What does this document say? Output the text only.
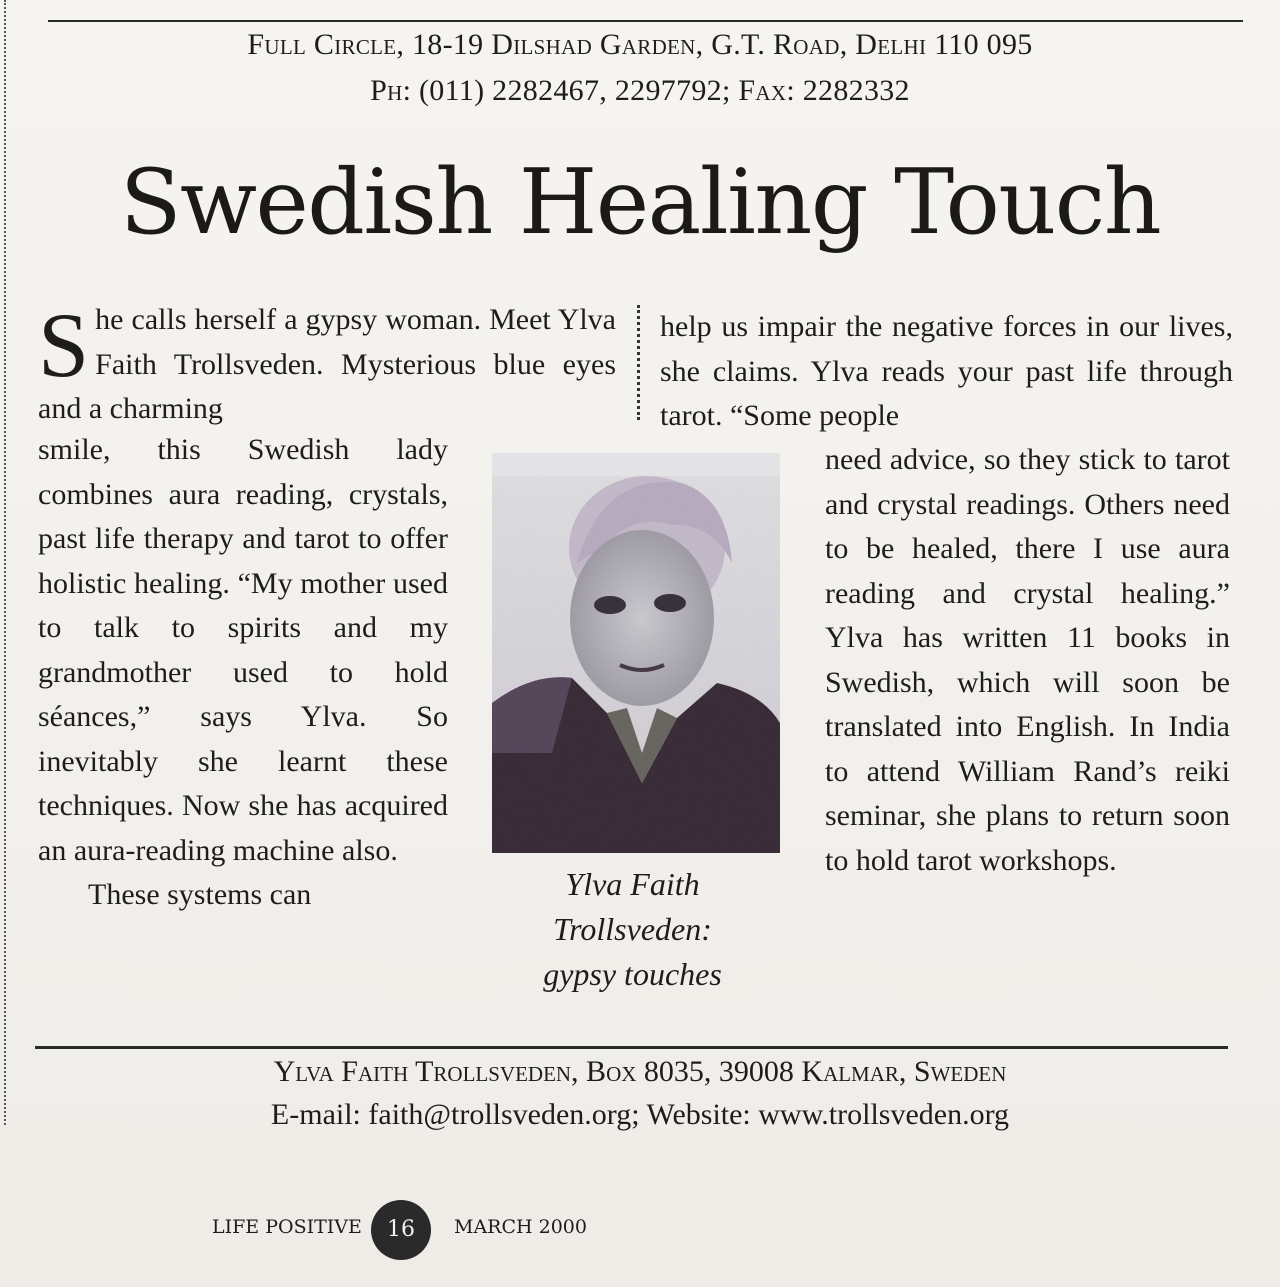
Full Circle, 18-19 Dilshad Garden, G.T. Road, Delhi 110 095
Ph: (011) 2282467, 2297792; Fax: 2282332
Swedish Healing Touch

She calls herself a gypsy woman. Meet Ylva Faith Trollsveden. Mysterious blue eyes and a charming

help us impair the negative forces in our lives, she claims. Ylva reads your past life through tarot. “Some people

smile, this Swedish lady combines aura reading, crystals, past life therapy and tarot to offer holistic healing. “My mother used to talk to spirits and my grandmother used to hold séances,” says Ylva. So inevitably she learnt these techniques. Now she has acquired an aura-reading machine also.

These systems can	Ylva Faith
Trollsveden:
gypsy touches

need advice, so they stick to tarot and crystal readings. Others need to be healed, there I use aura reading and crystal healing.” Ylva has written 11 books in Swedish, which will soon be translated into English. In India to attend William Rand’s reiki seminar, she plans to return soon to hold tarot workshops.

Ylva Faith Trollsveden, Box 8035, 39008 Kalmar, Sweden
E-mail: faith@trollsveden.org; Website: www.trollsveden.org
LIFE POSITIVE	16	MARCH 2000
